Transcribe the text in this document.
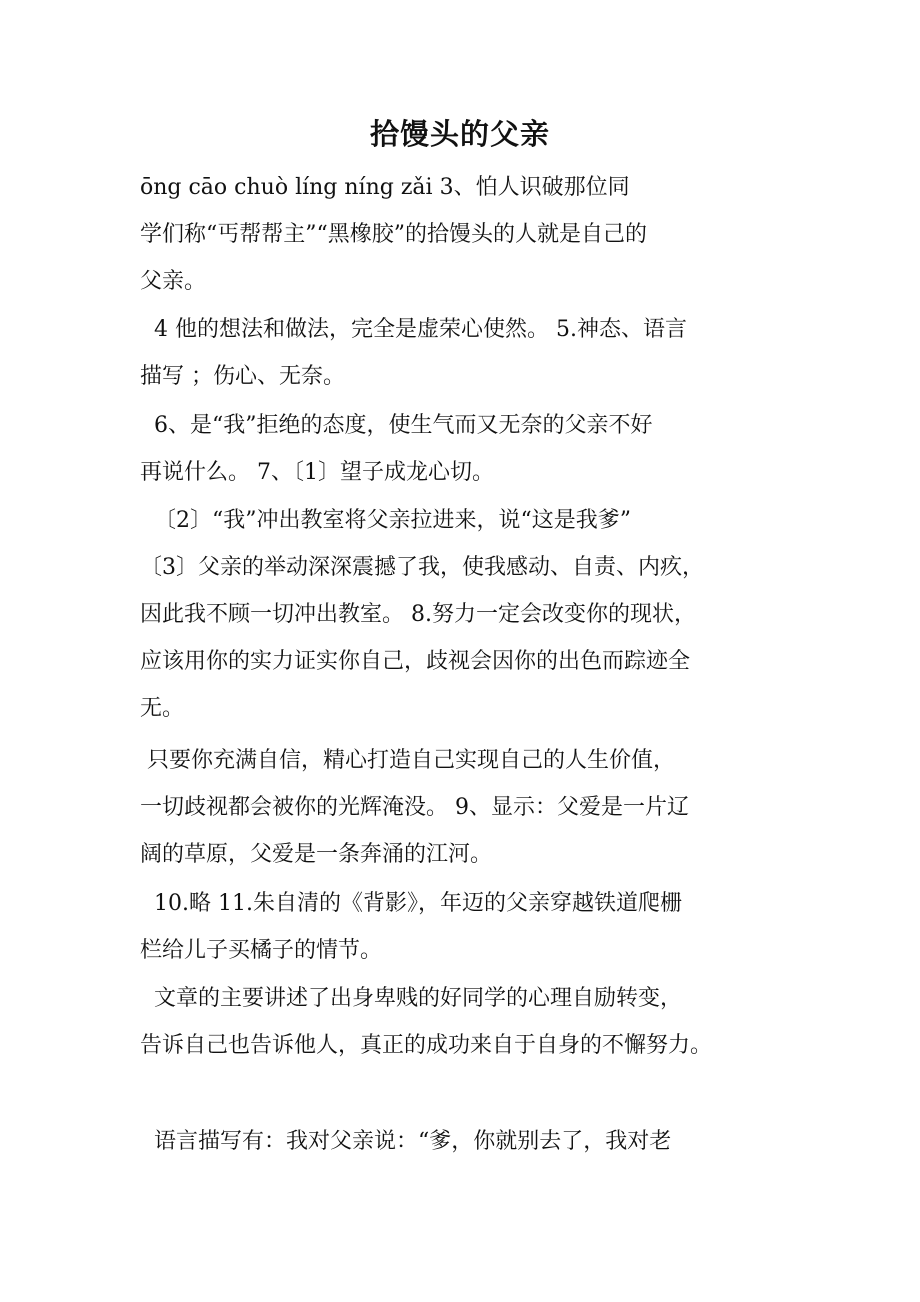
拾馒头的父亲

ōng cāo chuò líng níng zǎi 3、怕人识破那位同
学们称“丐帮帮主”“黑橡胶”的拾馒头的人就是自己的
父亲。

4 他的想法和做法，完全是虚荣心使然。 5.神态、语言
描写 ；伤心、无奈。

6、是“我”拒绝的态度，使生气而又无奈的父亲不好
再说什么。 7、〔1〕望子成龙心切。

〔2〕“我”冲出教室将父亲拉进来，说“这是我爹”
〔3〕父亲的举动深深震撼了我，使我感动、自责、内疚，
因此我不顾一切冲出教室。 8.努力一定会改变你的现状，
应该用你的实力证实你自己，歧视会因你的出色而踪迹全
无。

只要你充满自信，精心打造自己实现自己的人生价值，
一切歧视都会被你的光辉淹没。 9、显示：父爱是一片辽
阔的草原，父爱是一条奔涌的江河。

10.略 11.朱自清的《背影》，年迈的父亲穿越铁道爬栅
栏给儿子买橘子的情节。

文章的主要讲述了出身卑贱的好同学的心理自励转变，
告诉自己也告诉他人，真正的成功来自于自身的不懈努力。

语言描写有：我对父亲说：“爹，你就别去了，我对老
